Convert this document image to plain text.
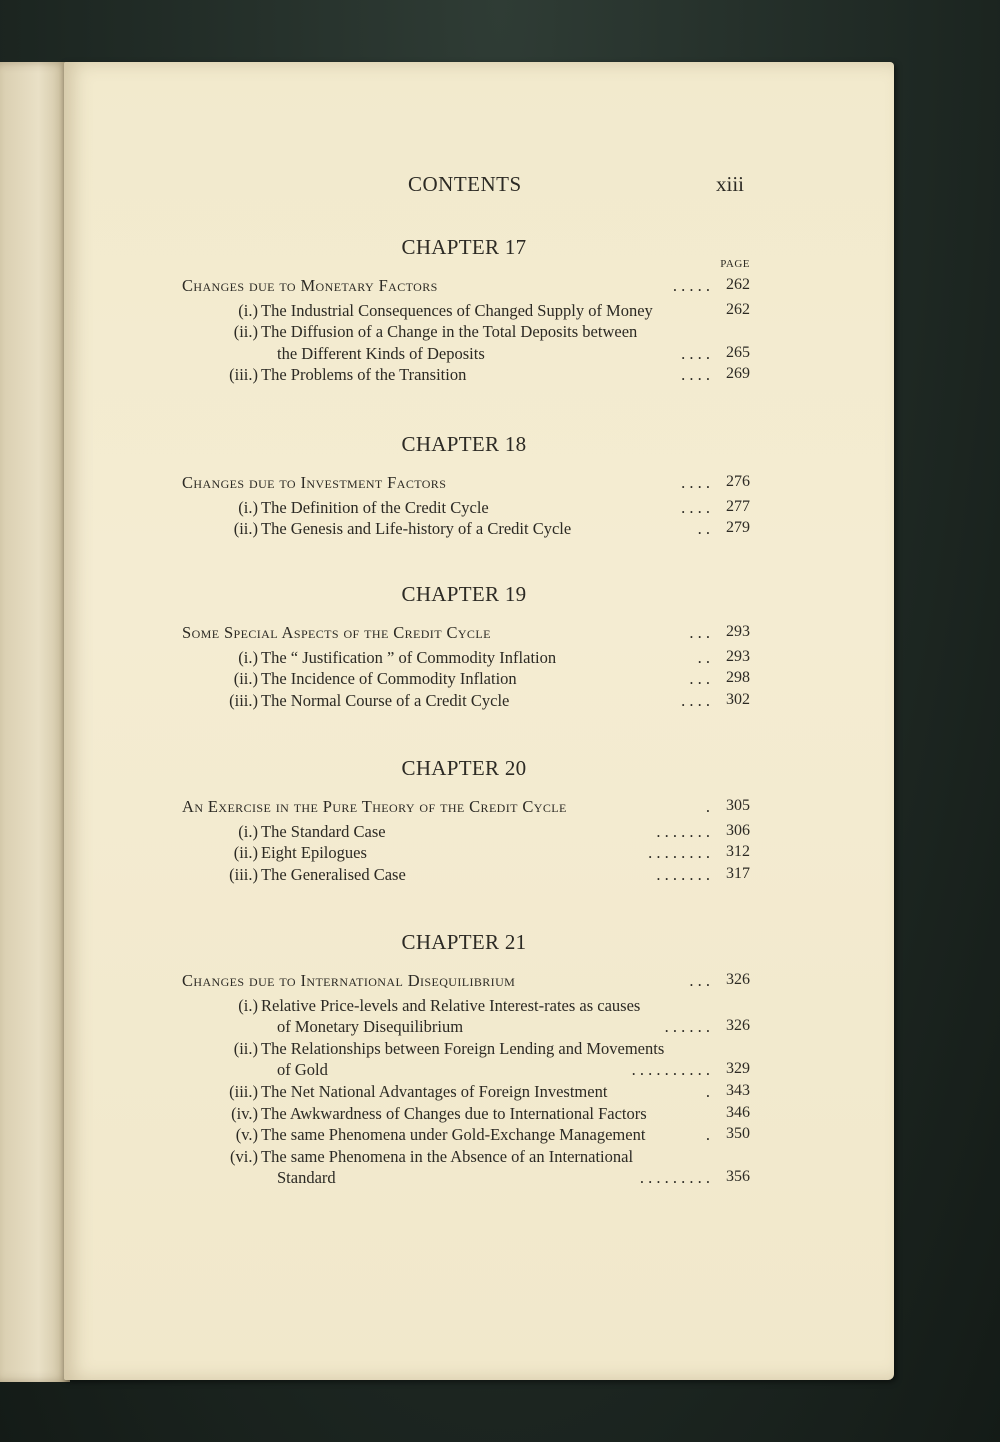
CONTENTS	xiii
CHAPTER 17
PAGE
Changes due to Monetary Factors	. . . . .	262
(i.) The Industrial Consequences of Changed Supply of Money	262
(ii.) The Diffusion of a Change in the Total Deposits between
the Different Kinds of Deposits	. . . .	265
(iii.) The Problems of the Transition	. . . .	269
CHAPTER 18
Changes due to Investment Factors	. . . .	276
(i.) The Definition of the Credit Cycle	. . . .	277
(ii.) The Genesis and Life-history of a Credit Cycle	. .	279
CHAPTER 19
Some Special Aspects of the Credit Cycle	. . .	293
(i.) The “ Justification ” of Commodity Inflation	. .	293
(ii.) The Incidence of Commodity Inflation	. . .	298
(iii.) The Normal Course of a Credit Cycle	. . . .	302
CHAPTER 20
An Exercise in the Pure Theory of the Credit Cycle	.	305
(i.) The Standard Case	. . . . . . .	306
(ii.) Eight Epilogues	. . . . . . . .	312
(iii.) The Generalised Case	. . . . . . .	317
CHAPTER 21
Changes due to International Disequilibrium	. . .	326
(i.) Relative Price-levels and Relative Interest-rates as causes
of Monetary Disequilibrium	. . . . . .	326
(ii.) The Relationships between Foreign Lending and Movements
of Gold	. . . . . . . . . .	329
(iii.) The Net National Advantages of Foreign Investment	.	343
(iv.) The Awkwardness of Changes due to International Factors	346
(v.) The same Phenomena under Gold-Exchange Management	.	350
(vi.) The same Phenomena in the Absence of an International
Standard	. . . . . . . . .	356
